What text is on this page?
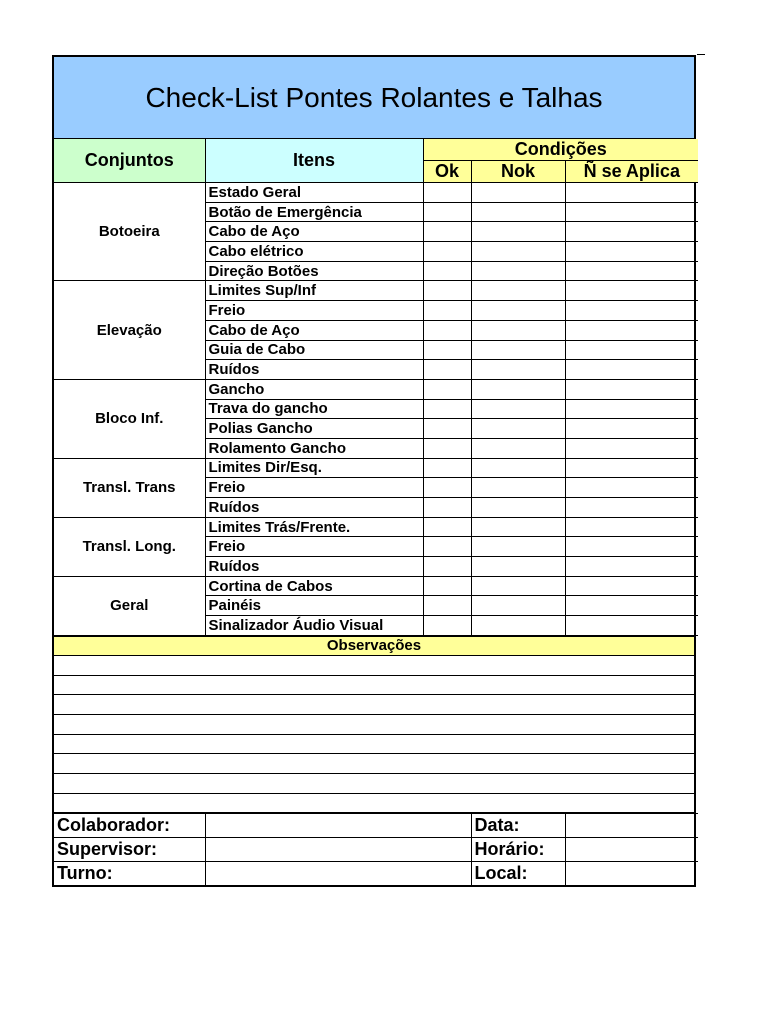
Check-List Pontes Rolantes e Talhas
Conjuntos	Itens	Condições		
		Ok	Nok	Ñ se Aplica
Botoeira	Estado Geral			
	Botão de Emergência			
	Cabo de Aço			
	Cabo elétrico			
	Direção Botões			
Elevação	Limites Sup/Inf			
	Freio			
	Cabo de Aço			
	Guia de Cabo			
	Ruídos			
Bloco Inf.	Gancho			
	Trava do gancho			
	Polias Gancho			
	Rolamento Gancho			
Transl. Trans	Limites Dir/Esq.			
	Freio			
	Ruídos			
Transl. Long.	Limites Trás/Frente.			
	Freio			
	Ruídos			
Geral	Cortina de Cabos			
	Painéis			
	Sinalizador Áudio Visual			
Observações

Colaborador:		Data:	
Supervisor:		Horário:	
Turno:		Local:	
